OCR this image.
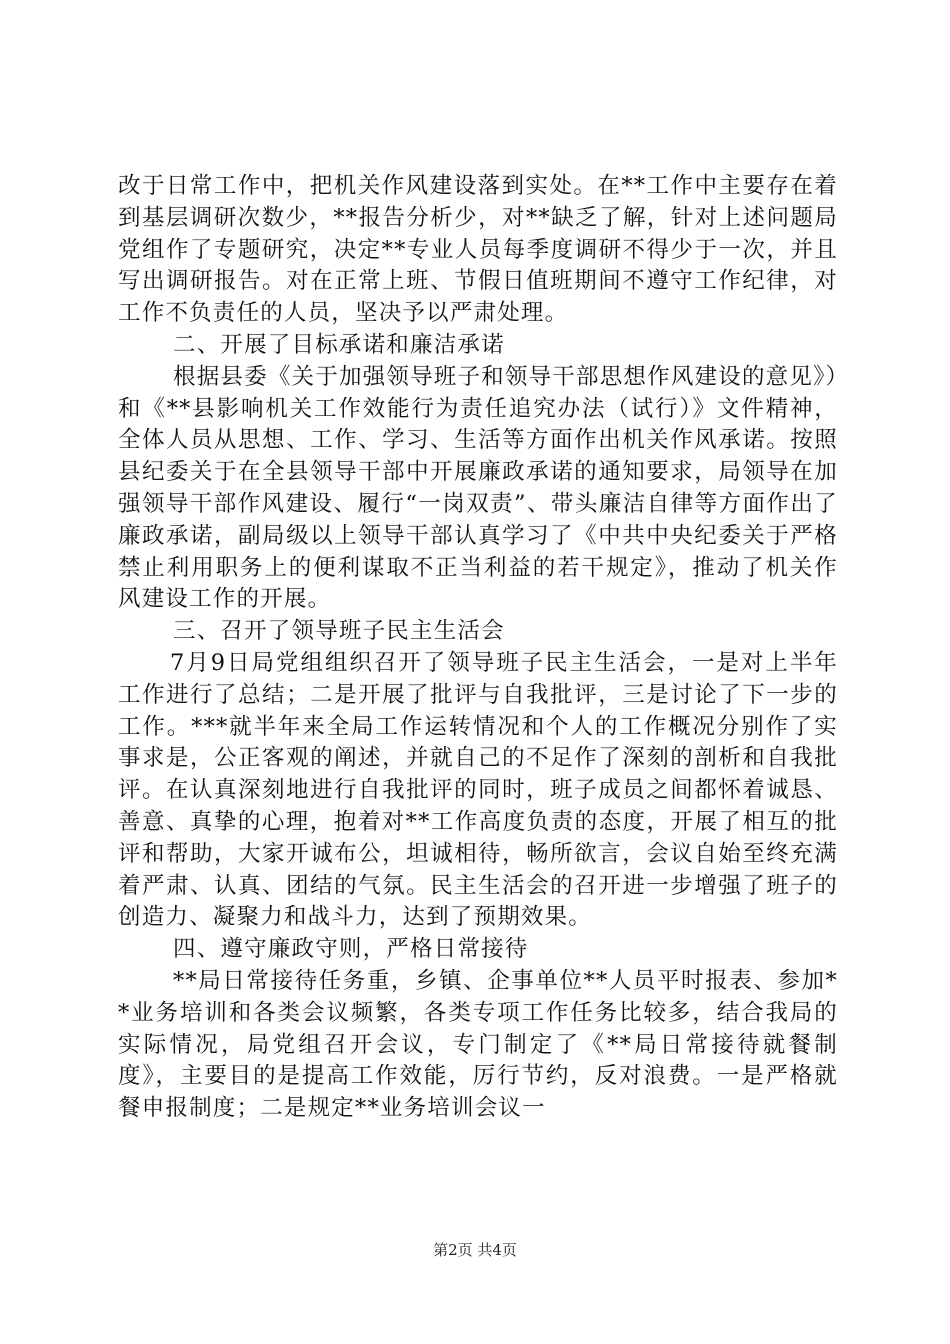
改于日常工作中，把机关作风建设落到实处。在**工作中主要存在着到基层调研次数少，**报告分析少，对**缺乏了解，针对上述问题局党组作了专题研究，决定**专业人员每季度调研不得少于一次，并且写出调研报告。对在正常上班、节假日值班期间不遵守工作纪律，对工作不负责任的人员，坚决予以严肃处理。

二、开展了目标承诺和廉洁承诺

根据县委《关于加强领导班子和领导干部思想作风建设的意见》）和《**县影响机关工作效能行为责任追究办法（试行）》文件精神，全体人员从思想、工作、学习、生活等方面作出机关作风承诺。按照县纪委关于在全县领导干部中开展廉政承诺的通知要求，局领导在加强领导干部作风建设、履行“一岗双责”、带头廉洁自律等方面作出了廉政承诺，副局级以上领导干部认真学习了《中共中央纪委关于严格禁止利用职务上的便利谋取不正当利益的若干规定》，推动了机关作风建设工作的开展。

三、召开了领导班子民主生活会

7月9日局党组组织召开了领导班子民主生活会，一是对上半年工作进行了总结；二是开展了批评与自我批评，三是讨论了下一步的工作。***就半年来全局工作运转情况和个人的工作概况分别作了实事求是，公正客观的阐述，并就自己的不足作了深刻的剖析和自我批评。在认真深刻地进行自我批评的同时，班子成员之间都怀着诚恳、善意、真挚的心理，抱着对**工作高度负责的态度，开展了相互的批评和帮助，大家开诚布公，坦诚相待，畅所欲言，会议自始至终充满着严肃、认真、团结的气氛。民主生活会的召开进一步增强了班子的创造力、凝聚力和战斗力，达到了预期效果。

四、遵守廉政守则，严格日常接待

**局日常接待任务重，乡镇、企事单位**人员平时报表、参加**业务培训和各类会议频繁，各类专项工作任务比较多，结合我局的实际情况，局党组召开会议，专门制定了《**局日常接待就餐制度》，主要目的是提高工作效能，厉行节约，反对浪费。一是严格就餐申报制度；二是规定**业务培训会议一

第2页 共4页
